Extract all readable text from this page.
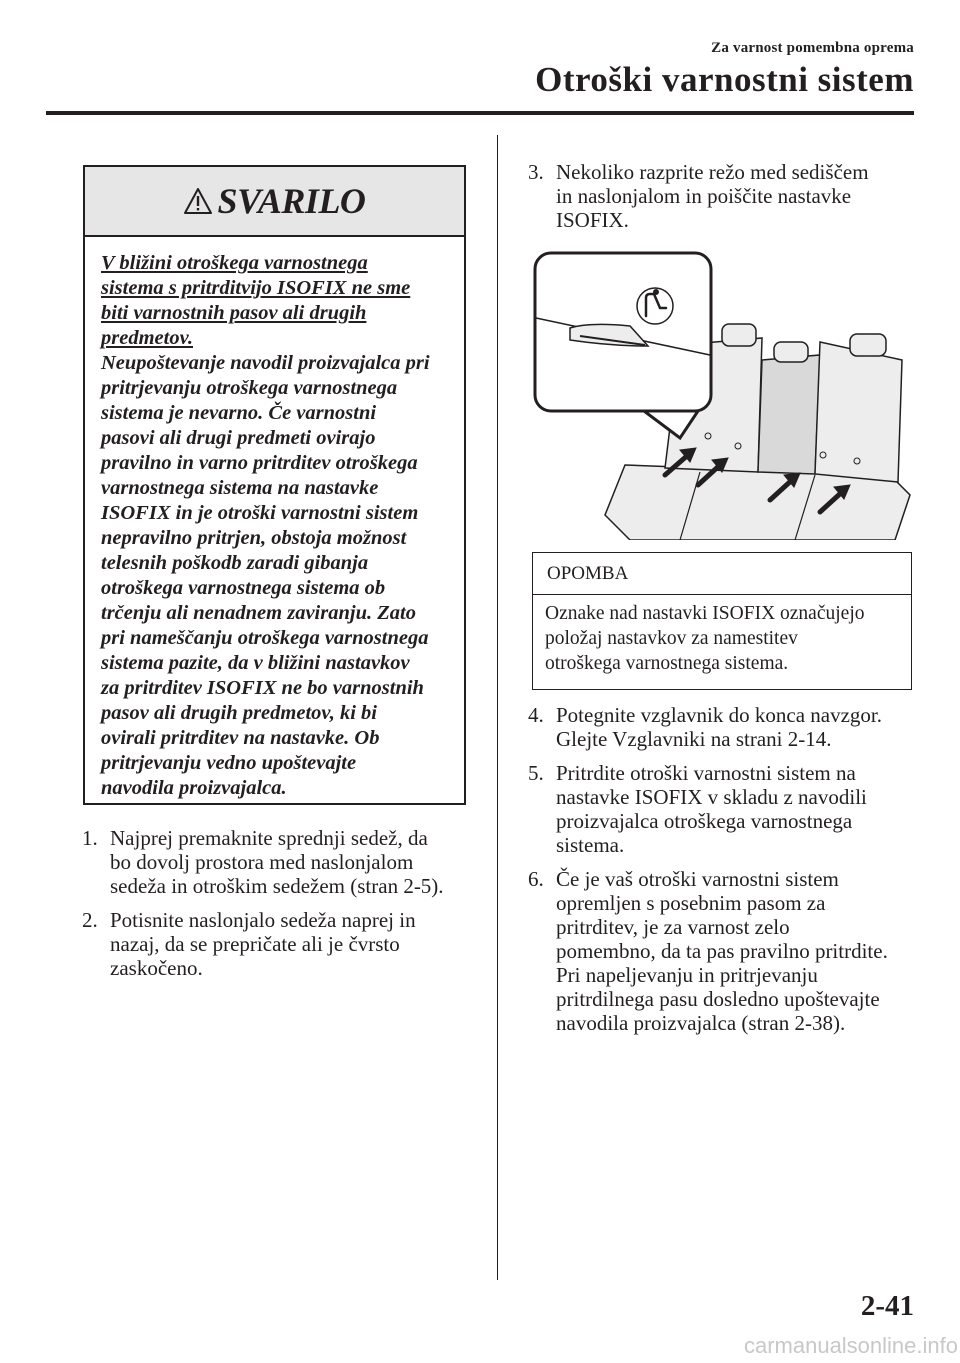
Za varnost pomembna oprema
Otroški varnostni sistem
SVARILO
V bližini otroškega varnostnega
sistema s pritrditvijo ISOFIX ne sme
biti varnostnih pasov ali drugih
predmetov.
Neupoštevanje navodil proizvajalca pri
pritrjevanju otroškega varnostnega
sistema je nevarno. Če varnostni
pasovi ali drugi predmeti ovirajo
pravilno in varno pritrditev otroškega
varnostnega sistema na nastavke
ISOFIX in je otroški varnostni sistem
nepravilno pritrjen, obstoja možnost
telesnih poškodb zaradi gibanja
otroškega varnostnega sistema ob
trčenju ali nenadnem zaviranju. Zato
pri nameščanju otroškega varnostnega
sistema pazite, da v bližini nastavkov
za pritrditev ISOFIX ne bo varnostnih
pasov ali drugih predmetov, ki bi
ovirali pritrditev na nastavke. Ob
pritrjevanju vedno upoštevajte
navodila proizvajalca.
1. Najprej premaknite sprednji sedež, da
bo dovolj prostora med naslonjalom
sedeža in otroškim sedežem (stran 2-5).
2. Potisnite naslonjalo sedeža naprej in
nazaj, da se prepričate ali je čvrsto
zaskočeno.
3. Nekoliko razprite režo med sediščem
in naslonjalom in poiščite nastavke
ISOFIX.
OPOMBA
Oznake nad nastavki ISOFIX označujejo
položaj nastavkov za namestitev
otroškega varnostnega sistema.
4. Potegnite vzglavnik do konca navzgor.
Glejte Vzglavniki na strani 2-14.
5. Pritrdite otroški varnostni sistem na
nastavke ISOFIX v skladu z navodili
proizvajalca otroškega varnostnega
sistema.
6. Če je vaš otroški varnostni sistem
opremljen s posebnim pasom za
pritrditev, je za varnost zelo
pomembno, da ta pas pravilno pritrdite.
Pri napeljevanju in pritrjevanju
pritrdilnega pasu dosledno upoštevajte
navodila proizvajalca (stran 2-38).
2-41
carmanualsonline.info
